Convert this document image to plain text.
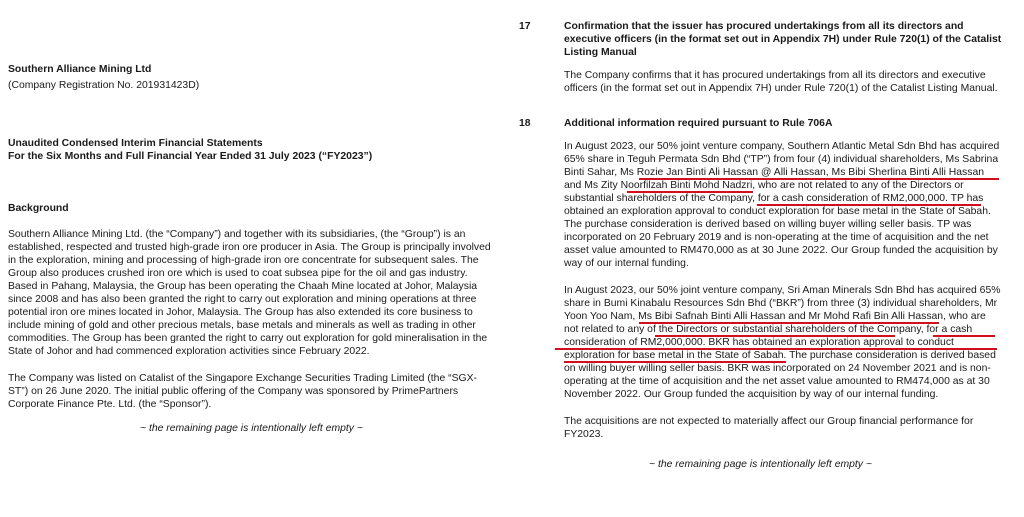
Southern Alliance Mining Ltd
(Company Registration No. 201931423D)
Unaudited Condensed Interim Financial Statements
For the Six Months and Full Financial Year Ended 31 July 2023 (“FY2023”)
Background
Southern Alliance Mining Ltd. (the “Company”) and together with its subsidiaries, (the “Group”) is an
established, respected and trusted high-grade iron ore producer in Asia. The Group is principally involved
in the exploration, mining and processing of high-grade iron ore concentrate for subsequent sales. The
Group also produces crushed iron ore which is used to coat subsea pipe for the oil and gas industry.
Based in Pahang, Malaysia, the Group has been operating the Chaah Mine located at Johor, Malaysia
since 2008 and has also been granted the right to carry out exploration and mining operations at three
potential iron ore mines located in Johor, Malaysia. The Group has also extended its core business to
include mining of gold and other precious metals, base metals and minerals as well as trading in other
commodities. The Group has been granted the right to carry out exploration for gold mineralisation in the
State of Johor and had commenced exploration activities since February 2022.
The Company was listed on Catalist of the Singapore Exchange Securities Trading Limited (the “SGX-
ST”) on 26 June 2020. The initial public offering of the Company was sponsored by PrimePartners
Corporate Finance Pte. Ltd. (the “Sponsor”).
~ the remaining page is intentionally left empty ~
17	Confirmation that the issuer has procured undertakings from all its directors and
executive officers (in the format set out in Appendix 7H) under Rule 720(1) of the Catalist
Listing Manual
The Company confirms that it has procured undertakings from all its directors and executive
officers (in the format set out in Appendix 7H) under Rule 720(1) of the Catalist Listing Manual.
18	Additional information required pursuant to Rule 706A
In August 2023, our 50% joint venture company, Southern Atlantic Metal Sdn Bhd has acquired
65% share in Teguh Permata Sdn Bhd (“TP”) from four (4) individual shareholders, Ms Sabrina
Binti Sahar, Ms Rozie Jan Binti Ali Hassan @ Alli Hassan, Ms Bibi Sherlina Binti Alli Hassan
and Ms Zity Noorfilzah Binti Mohd Nadzri, who are not related to any of the Directors or
substantial shareholders of the Company, for a cash consideration of RM2,000,000. TP has
obtained an exploration approval to conduct exploration for base metal in the State of Sabah.
The purchase consideration is derived based on willing buyer willing seller basis. TP was
incorporated on 20 February 2019 and is non-operating at the time of acquisition and the net
asset value amounted to RM470,000 as at 30 June 2022. Our Group funded the acquisition by
way of our internal funding.
In August 2023, our 50% joint venture company, Sri Aman Minerals Sdn Bhd has acquired 65%
share in Bumi Kinabalu Resources Sdn Bhd (“BKR”) from three (3) individual shareholders, Mr
Yoon Yoo Nam, Ms Bibi Safnah Binti Alli Hassan and Mr Mohd Rafi Bin Alli Hassan, who are
not related to any of the Directors or substantial shareholders of the Company, for a cash
consideration of RM2,000,000. BKR has obtained an exploration approval to conduct
exploration for base metal in the State of Sabah. The purchase consideration is derived based
on willing buyer willing seller basis. BKR was incorporated on 24 November 2021 and is non-
operating at the time of acquisition and the net asset value amounted to RM474,000 as at 30
November 2022. Our Group funded the acquisition by way of our internal funding.
The acquisitions are not expected to materially affect our Group financial performance for
FY2023.
~ the remaining page is intentionally left empty ~
